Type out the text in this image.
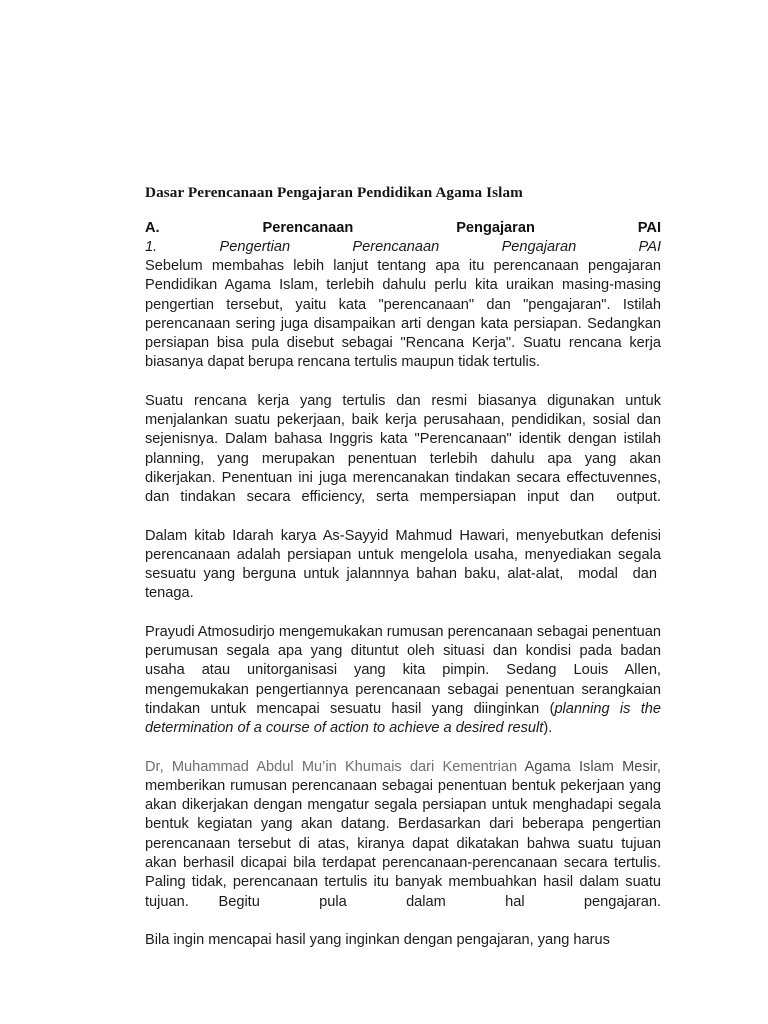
Dasar Perencanaan Pengajaran Pendidikan Agama Islam
A.  Perencanaan  Pengajaran  PAI
1.  Pengertian  Perencanaan  Pengajaran  PAI

Sebelum membahas lebih lanjut tentang apa itu perencanaan pengajaran Pendidikan Agama Islam, terlebih dahulu perlu kita uraikan masing-masing pengertian tersebut, yaitu kata "perencanaan" dan "pengajaran". Istilah perencanaan sering juga disampaikan arti dengan kata persiapan. Sedangkan persiapan bisa pula disebut sebagai "Rencana Kerja". Suatu rencana kerja biasanya dapat berupa rencana tertulis maupun tidak tertulis.

Suatu rencana kerja yang tertulis dan resmi biasanya digunakan untuk menjalankan suatu pekerjaan, baik kerja perusahaan, pendidikan, sosial dan sejenisnya. Dalam bahasa Inggris kata "Perencanaan" identik dengan istilah planning, yang merupakan penentuan terlebih dahulu apa yang akan dikerjakan. Penentuan ini juga merencanakan tindakan secara effectuvennes, dan tindakan secara efficiency, serta mempersiapan input dan  output.

Dalam kitab Idarah karya As-Sayyid Mahmud Hawari, menyebutkan defenisi perencanaan adalah persiapan untuk mengelola usaha, menyediakan segala sesuatu yang berguna untuk jalannnya bahan baku, alat-alat,  modal  dan  tenaga.

Prayudi Atmosudirjo mengemukakan rumusan perencanaan sebagai penentuan perumusan segala apa yang dituntut oleh situasi dan kondisi pada badan usaha atau unitorganisasi yang kita pimpin. Sedang Louis Allen, mengemukakan pengertiannya perencanaan sebagai penentuan serangkaian tindakan untuk mencapai sesuatu hasil yang diinginkan (planning is the determination of a course of action to achieve a desired result).

Dr, Muhammad Abdul Mu’in Khumais dari Kementrian Agama Islam Mesir, memberikan rumusan perencanaan sebagai penentuan bentuk pekerjaan yang akan dikerjakan dengan mengatur segala persiapan untuk menghadapi segala bentuk kegiatan yang akan datang. Berdasarkan dari beberapa pengertian perencanaan tersebut di atas, kiranya dapat dikatakan bahwa suatu tujuan akan berhasil dicapai bila terdapat perencanaan-perencanaan secara tertulis. Paling tidak, perencanaan tertulis itu banyak membuahkan hasil dalam suatu tujuan. Begitu  pula  dalam  hal  pengajaran.

Bila ingin mencapai hasil yang inginkan dengan pengajaran, yang harus
